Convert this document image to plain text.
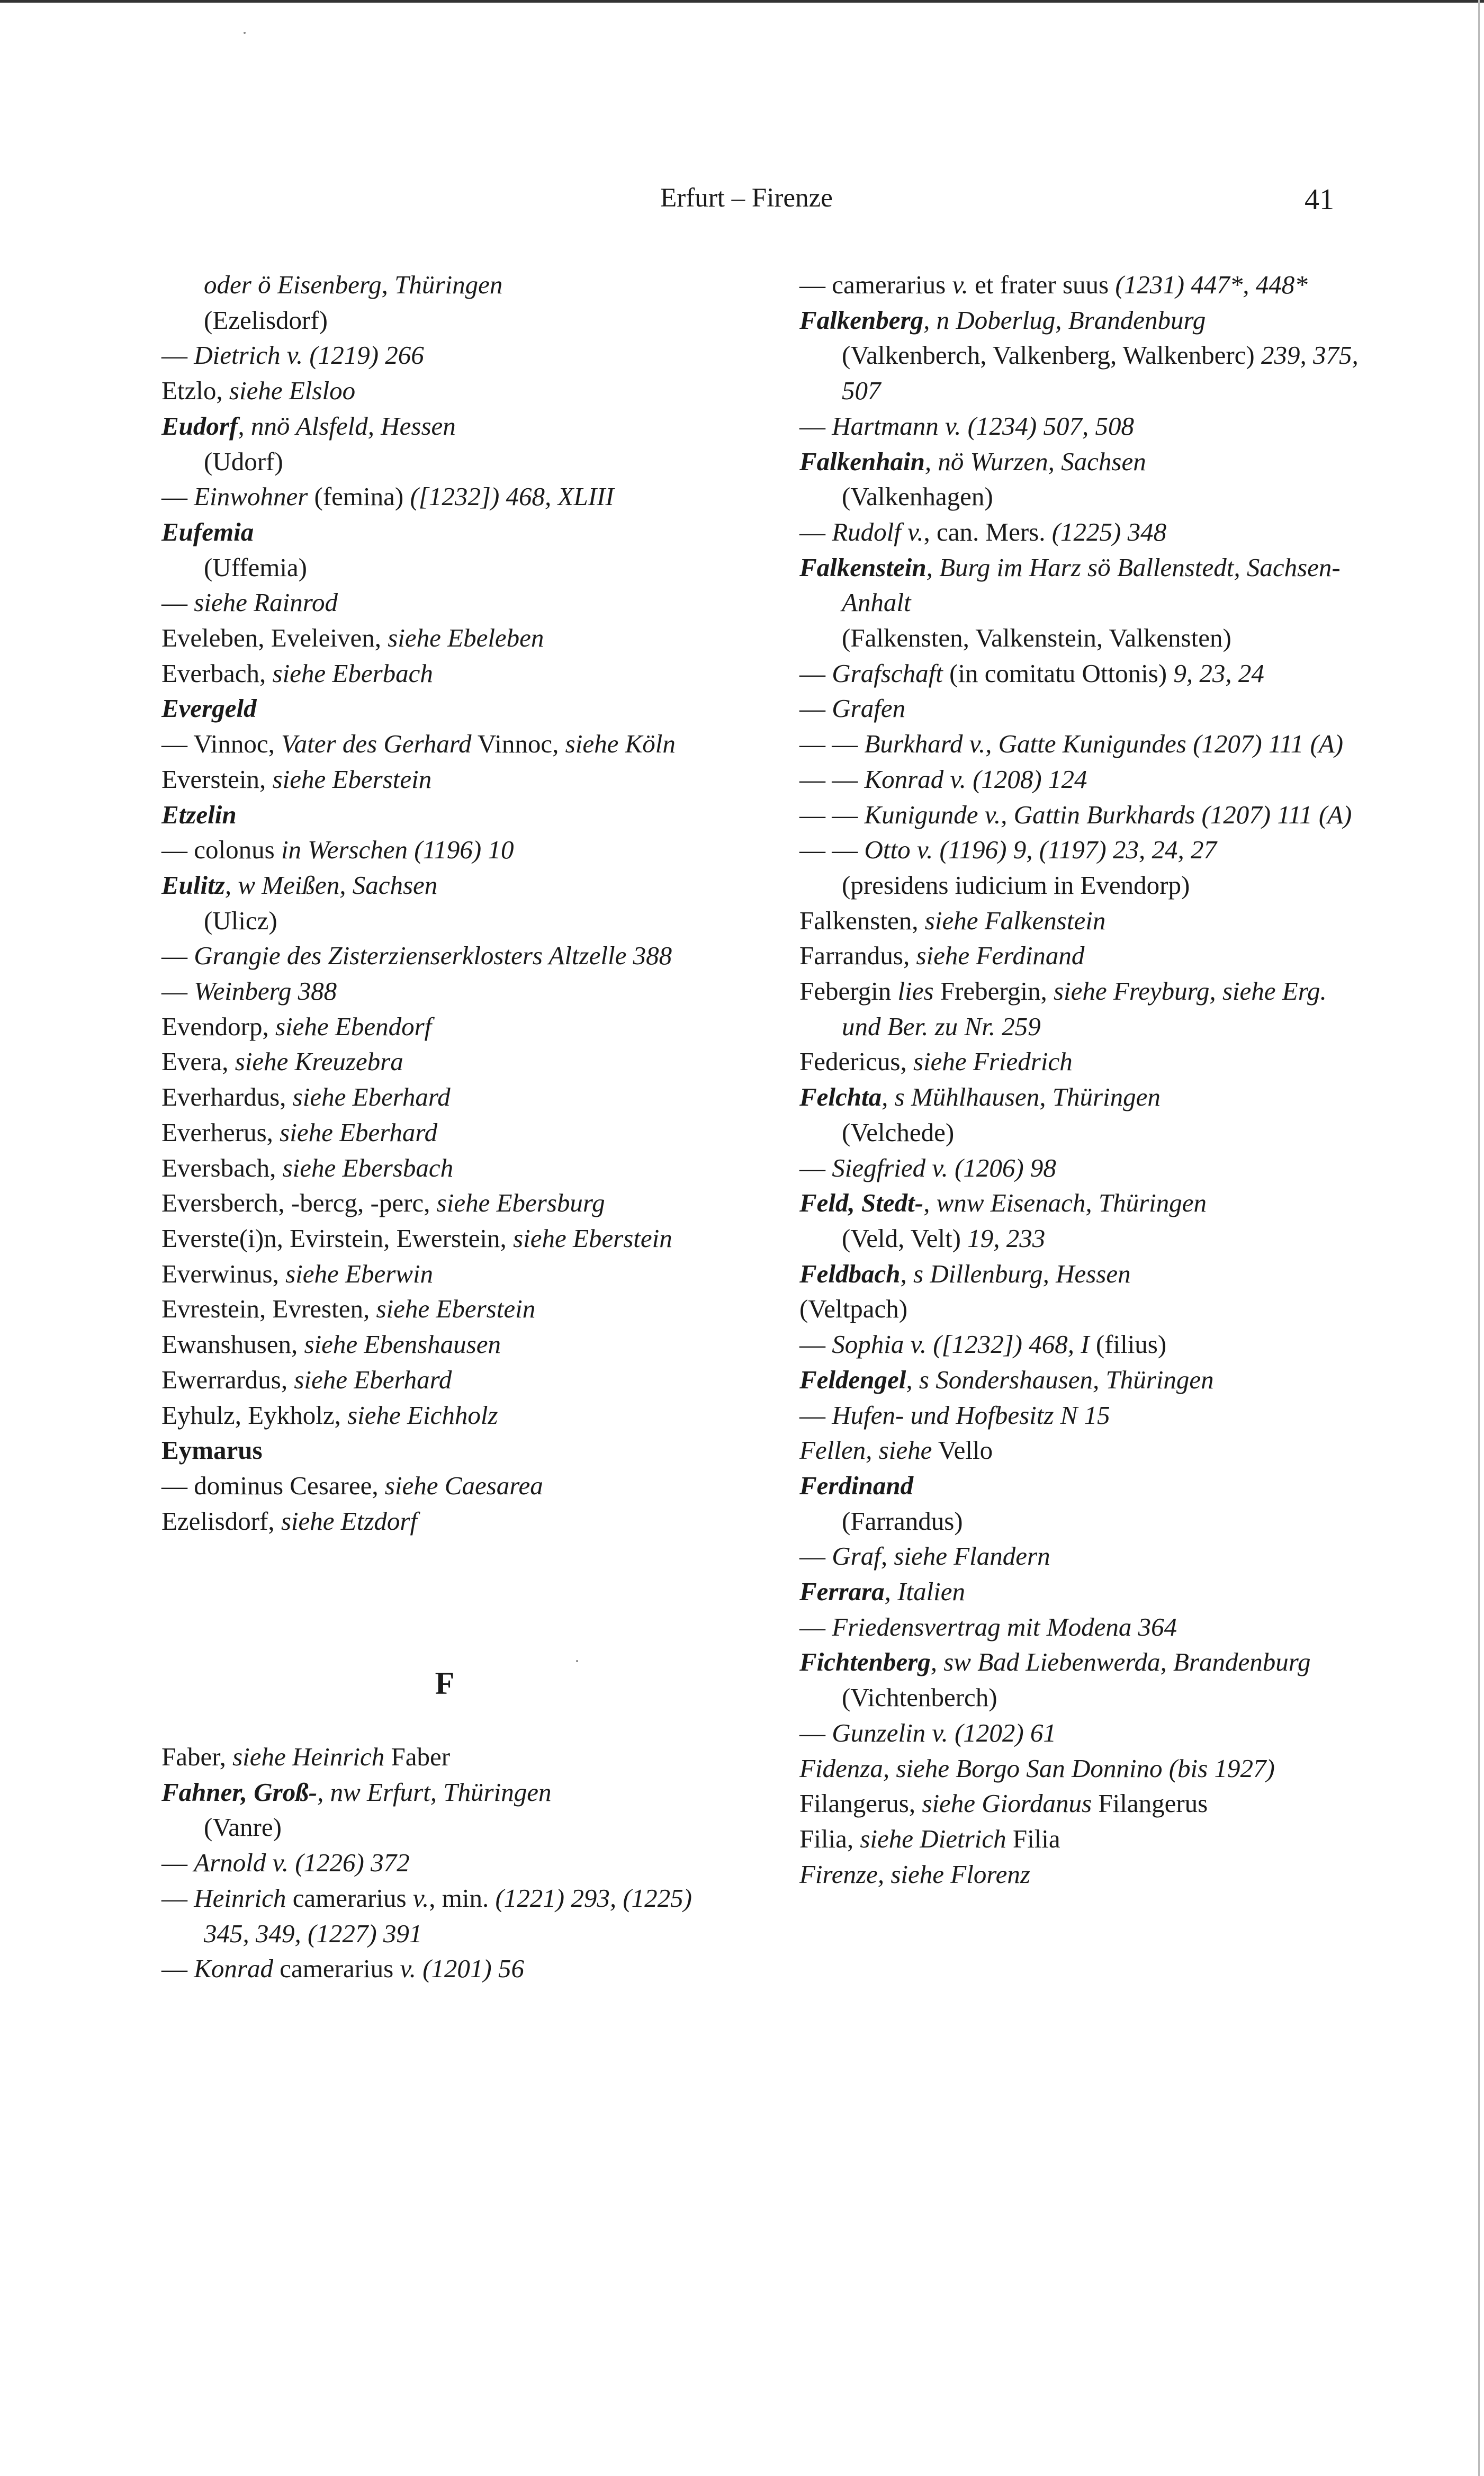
Erfurt – Firenze	41
oder ö Eisenberg, Thüringen
(Ezelisdorf)
— Dietrich v. (1219) 266
Etzlo, siehe Elsloo
Eudorf, nnö Alsfeld, Hessen
(Udorf)
— Einwohner (femina) ([1232]) 468, XLIII
Eufemia
(Uffemia)
— siehe Rainrod
Eveleben, Eveleiven, siehe Ebeleben
Everbach, siehe Eberbach
Evergeld
— Vinnoc, Vater des Gerhard Vinnoc, siehe Köln
Everstein, siehe Eberstein
Etzelin
— colonus in Werschen (1196) 10
Eulitz, w Meißen, Sachsen
(Ulicz)
— Grangie des Zisterzienserklosters Altzelle 388
— Weinberg 388
Evendorp, siehe Ebendorf
Evera, siehe Kreuzebra
Everhardus, siehe Eberhard
Everherus, siehe Eberhard
Eversbach, siehe Ebersbach
Eversberch, -bercg, -perc, siehe Ebersburg
Everste(i)n, Evirstein, Ewerstein, siehe Eberstein
Everwinus, siehe Eberwin
Evrestein, Evresten, siehe Eberstein
Ewanshusen, siehe Ebenshausen
Ewerrardus, siehe Eberhard
Eyhulz, Eykholz, siehe Eichholz
Eymarus
— dominus Cesaree, siehe Caesarea
Ezelisdorf, siehe Etzdorf
F
Faber, siehe Heinrich Faber
Fahner, Groß-, nw Erfurt, Thüringen
(Vanre)
— Arnold v. (1226) 372
— Heinrich camerarius v., min. (1221) 293, (1225) 345, 349, (1227) 391
— Konrad camerarius v. (1201) 56
— camerarius v. et frater suus (1231) 447*, 448*
Falkenberg, n Doberlug, Brandenburg
(Valkenberch, Valkenberg, Walkenberc) 239, 375, 507
— Hartmann v. (1234) 507, 508
Falkenhain, nö Wurzen, Sachsen
(Valkenhagen)
— Rudolf v., can. Mers. (1225) 348
Falkenstein, Burg im Harz sö Ballenstedt, Sachsen-Anhalt
(Falkensten, Valkenstein, Valkensten)
— Grafschaft (in comitatu Ottonis) 9, 23, 24
— Grafen
— — Burkhard v., Gatte Kunigundes (1207) 111 (A)
— — Konrad v. (1208) 124
— — Kunigunde v., Gattin Burkhards (1207) 111 (A)
— — Otto v. (1196) 9, (1197) 23, 24, 27
(presidens iudicium in Evendorp)
Falkensten, siehe Falkenstein
Farrandus, siehe Ferdinand
Febergin lies Frebergin, siehe Freyburg, siehe Erg. und Ber. zu Nr. 259
Federicus, siehe Friedrich
Felchta, s Mühlhausen, Thüringen
(Velchede)
— Siegfried v. (1206) 98
Feld, Stedt-, wnw Eisenach, Thüringen
(Veld, Velt) 19, 233
Feldbach, s Dillenburg, Hessen
(Veltpach)
— Sophia v. ([1232]) 468, I (filius)
Feldengel, s Sondershausen, Thüringen
— Hufen- und Hofbesitz N 15
Fellen, siehe Vello
Ferdinand
(Farrandus)
— Graf, siehe Flandern
Ferrara, Italien
— Friedensvertrag mit Modena 364
Fichtenberg, sw Bad Liebenwerda, Brandenburg
(Vichtenberch)
— Gunzelin v. (1202) 61
Fidenza, siehe Borgo San Donnino (bis 1927)
Filangerus, siehe Giordanus Filangerus
Filia, siehe Dietrich Filia
Firenze, siehe Florenz
